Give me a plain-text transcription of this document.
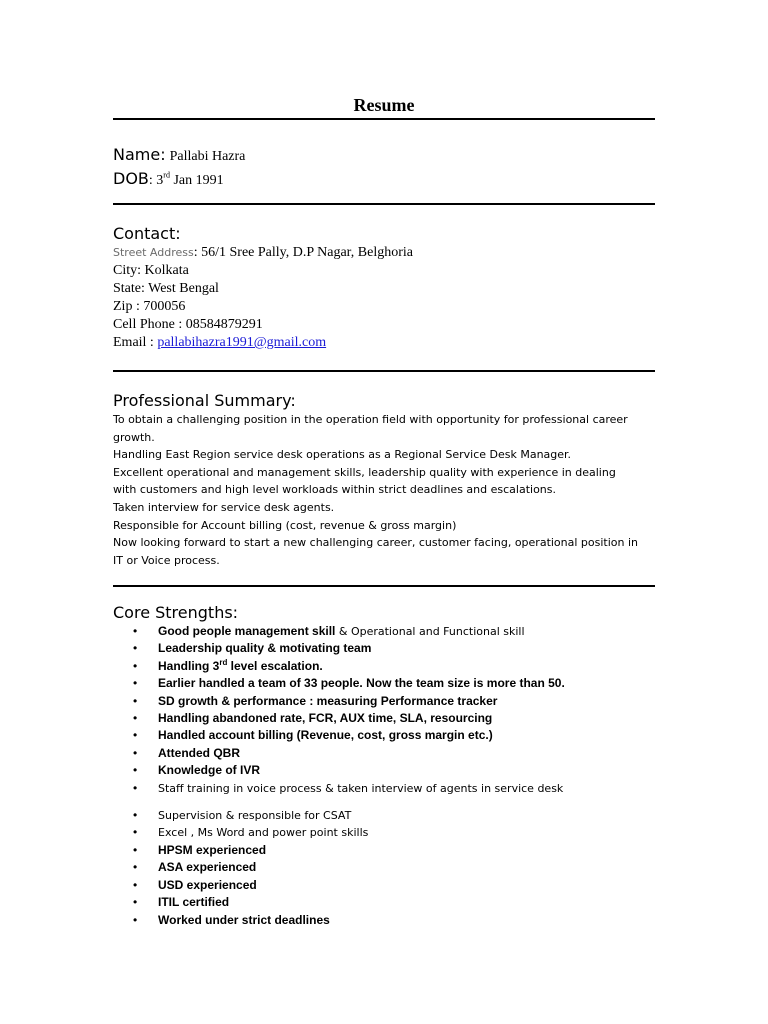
Resume
Name: Pallabi Hazra
DOB: 3rd Jan 1991
Contact:
Street Address: 56/1 Sree Pally, D.P Nagar, Belghoria
City: Kolkata
State: West Bengal
Zip : 700056
Cell Phone : 08584879291
Email : pallabihazra1991@gmail.com
Professional Summary:

To obtain a challenging position in the operation field with opportunity for professional career

growth.

Handling East Region service desk operations as a Regional Service Desk Manager.

Excellent operational and management skills, leadership quality with experience in dealing

with customers and high level workloads within strict deadlines and escalations.

Taken interview for service desk agents.

Responsible for Account billing (cost, revenue & gross margin)

Now looking forward to start a new challenging career, customer facing, operational position in

IT or Voice process.

Core Strengths:
• Good people management skill & Operational and Functional skill
• Leadership quality & motivating team
• Handling 3rd level escalation.
• Earlier handled a team of 33 people. Now the team size is more than 50.
• SD growth & performance : measuring Performance tracker
• Handling abandoned rate, FCR, AUX time, SLA, resourcing
• Handled account billing (Revenue, cost, gross margin etc.)
• Attended QBR
• Knowledge of IVR
• Staff training in voice process & taken interview of agents in service desk
• Supervision & responsible for CSAT
• Excel , Ms Word and power point skills
• HPSM experienced
• ASA experienced
• USD experienced
• ITIL certified
• Worked under strict deadlines
